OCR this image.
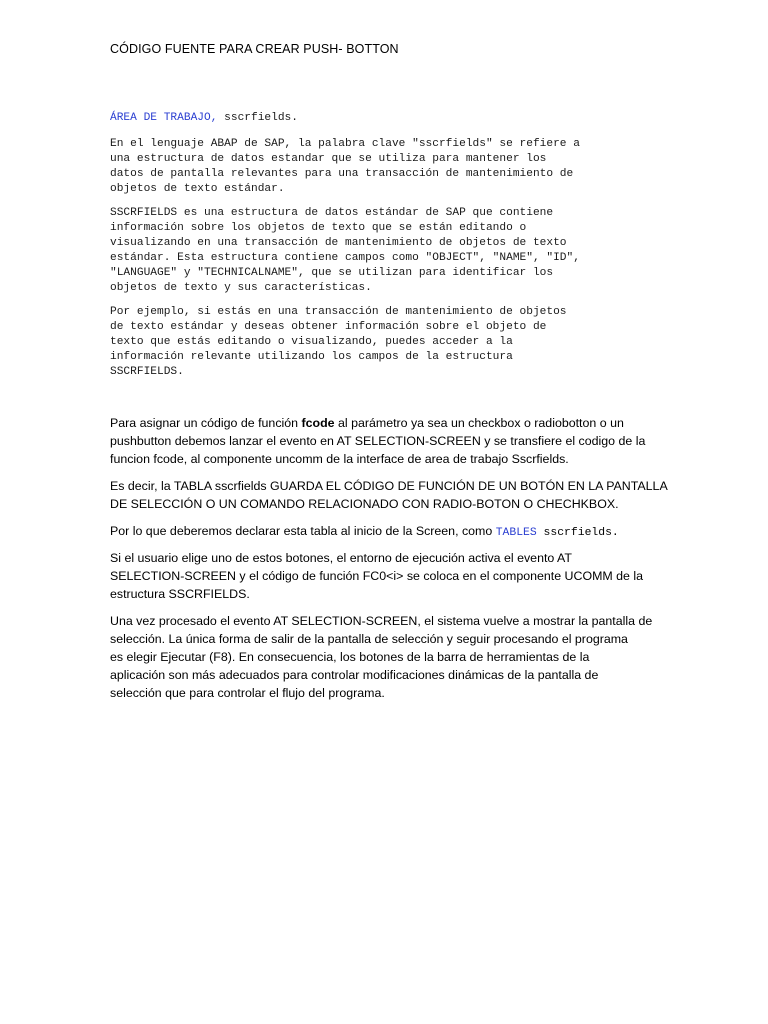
CÓDIGO FUENTE PARA CREAR PUSH- BOTTON
ÁREA DE TRABAJO, sscrfields.
En el lenguaje ABAP de SAP, la palabra clave "sscrfields" se refiere a
una estructura de datos estandar que se utiliza para mantener los
datos de pantalla relevantes para una transacción de mantenimiento de
objetos de texto estándar.
SSCRFIELDS es una estructura de datos estándar de SAP que contiene
información sobre los objetos de texto que se están editando o
visualizando en una transacción de mantenimiento de objetos de texto
estándar. Esta estructura contiene campos como "OBJECT", "NAME", "ID",
"LANGUAGE" y "TECHNICALNAME", que se utilizan para identificar los
objetos de texto y sus características.
Por ejemplo, si estás en una transacción de mantenimiento de objetos
de texto estándar y deseas obtener información sobre el objeto de
texto que estás editando o visualizando, puedes acceder a la
información relevante utilizando los campos de la estructura
SSCRFIELDS.
Para asignar un código de función fcode al parámetro ya sea un checkbox o radiobotton o un
pushbutton debemos lanzar el evento en AT SELECTION-SCREEN y se transfiere el codigo de la
funcion fcode, al componente uncomm de la interface de area de trabajo Sscrfields.
Es decir, la TABLA sscrfields GUARDA EL CÓDIGO DE FUNCIÓN DE UN BOTÓN EN LA PANTALLA
DE SELECCIÓN O UN COMANDO RELACIONADO CON RADIO-BOTON O CHECHKBOX.
Por lo que deberemos declarar esta tabla al inicio de la Screen, como TABLES sscrfields.
Si el usuario elige uno de estos botones, el entorno de ejecución activa el evento AT
SELECTION-SCREEN y el código de función FC0<i> se coloca en el componente UCOMM de la
estructura SSCRFIELDS.
Una vez procesado el evento AT SELECTION-SCREEN, el sistema vuelve a mostrar la pantalla de
selección. La única forma de salir de la pantalla de selección y seguir procesando el programa
es elegir Ejecutar (F8). En consecuencia, los botones de la barra de herramientas de la
aplicación son más adecuados para controlar modificaciones dinámicas de la pantalla de
selección que para controlar el flujo del programa.
